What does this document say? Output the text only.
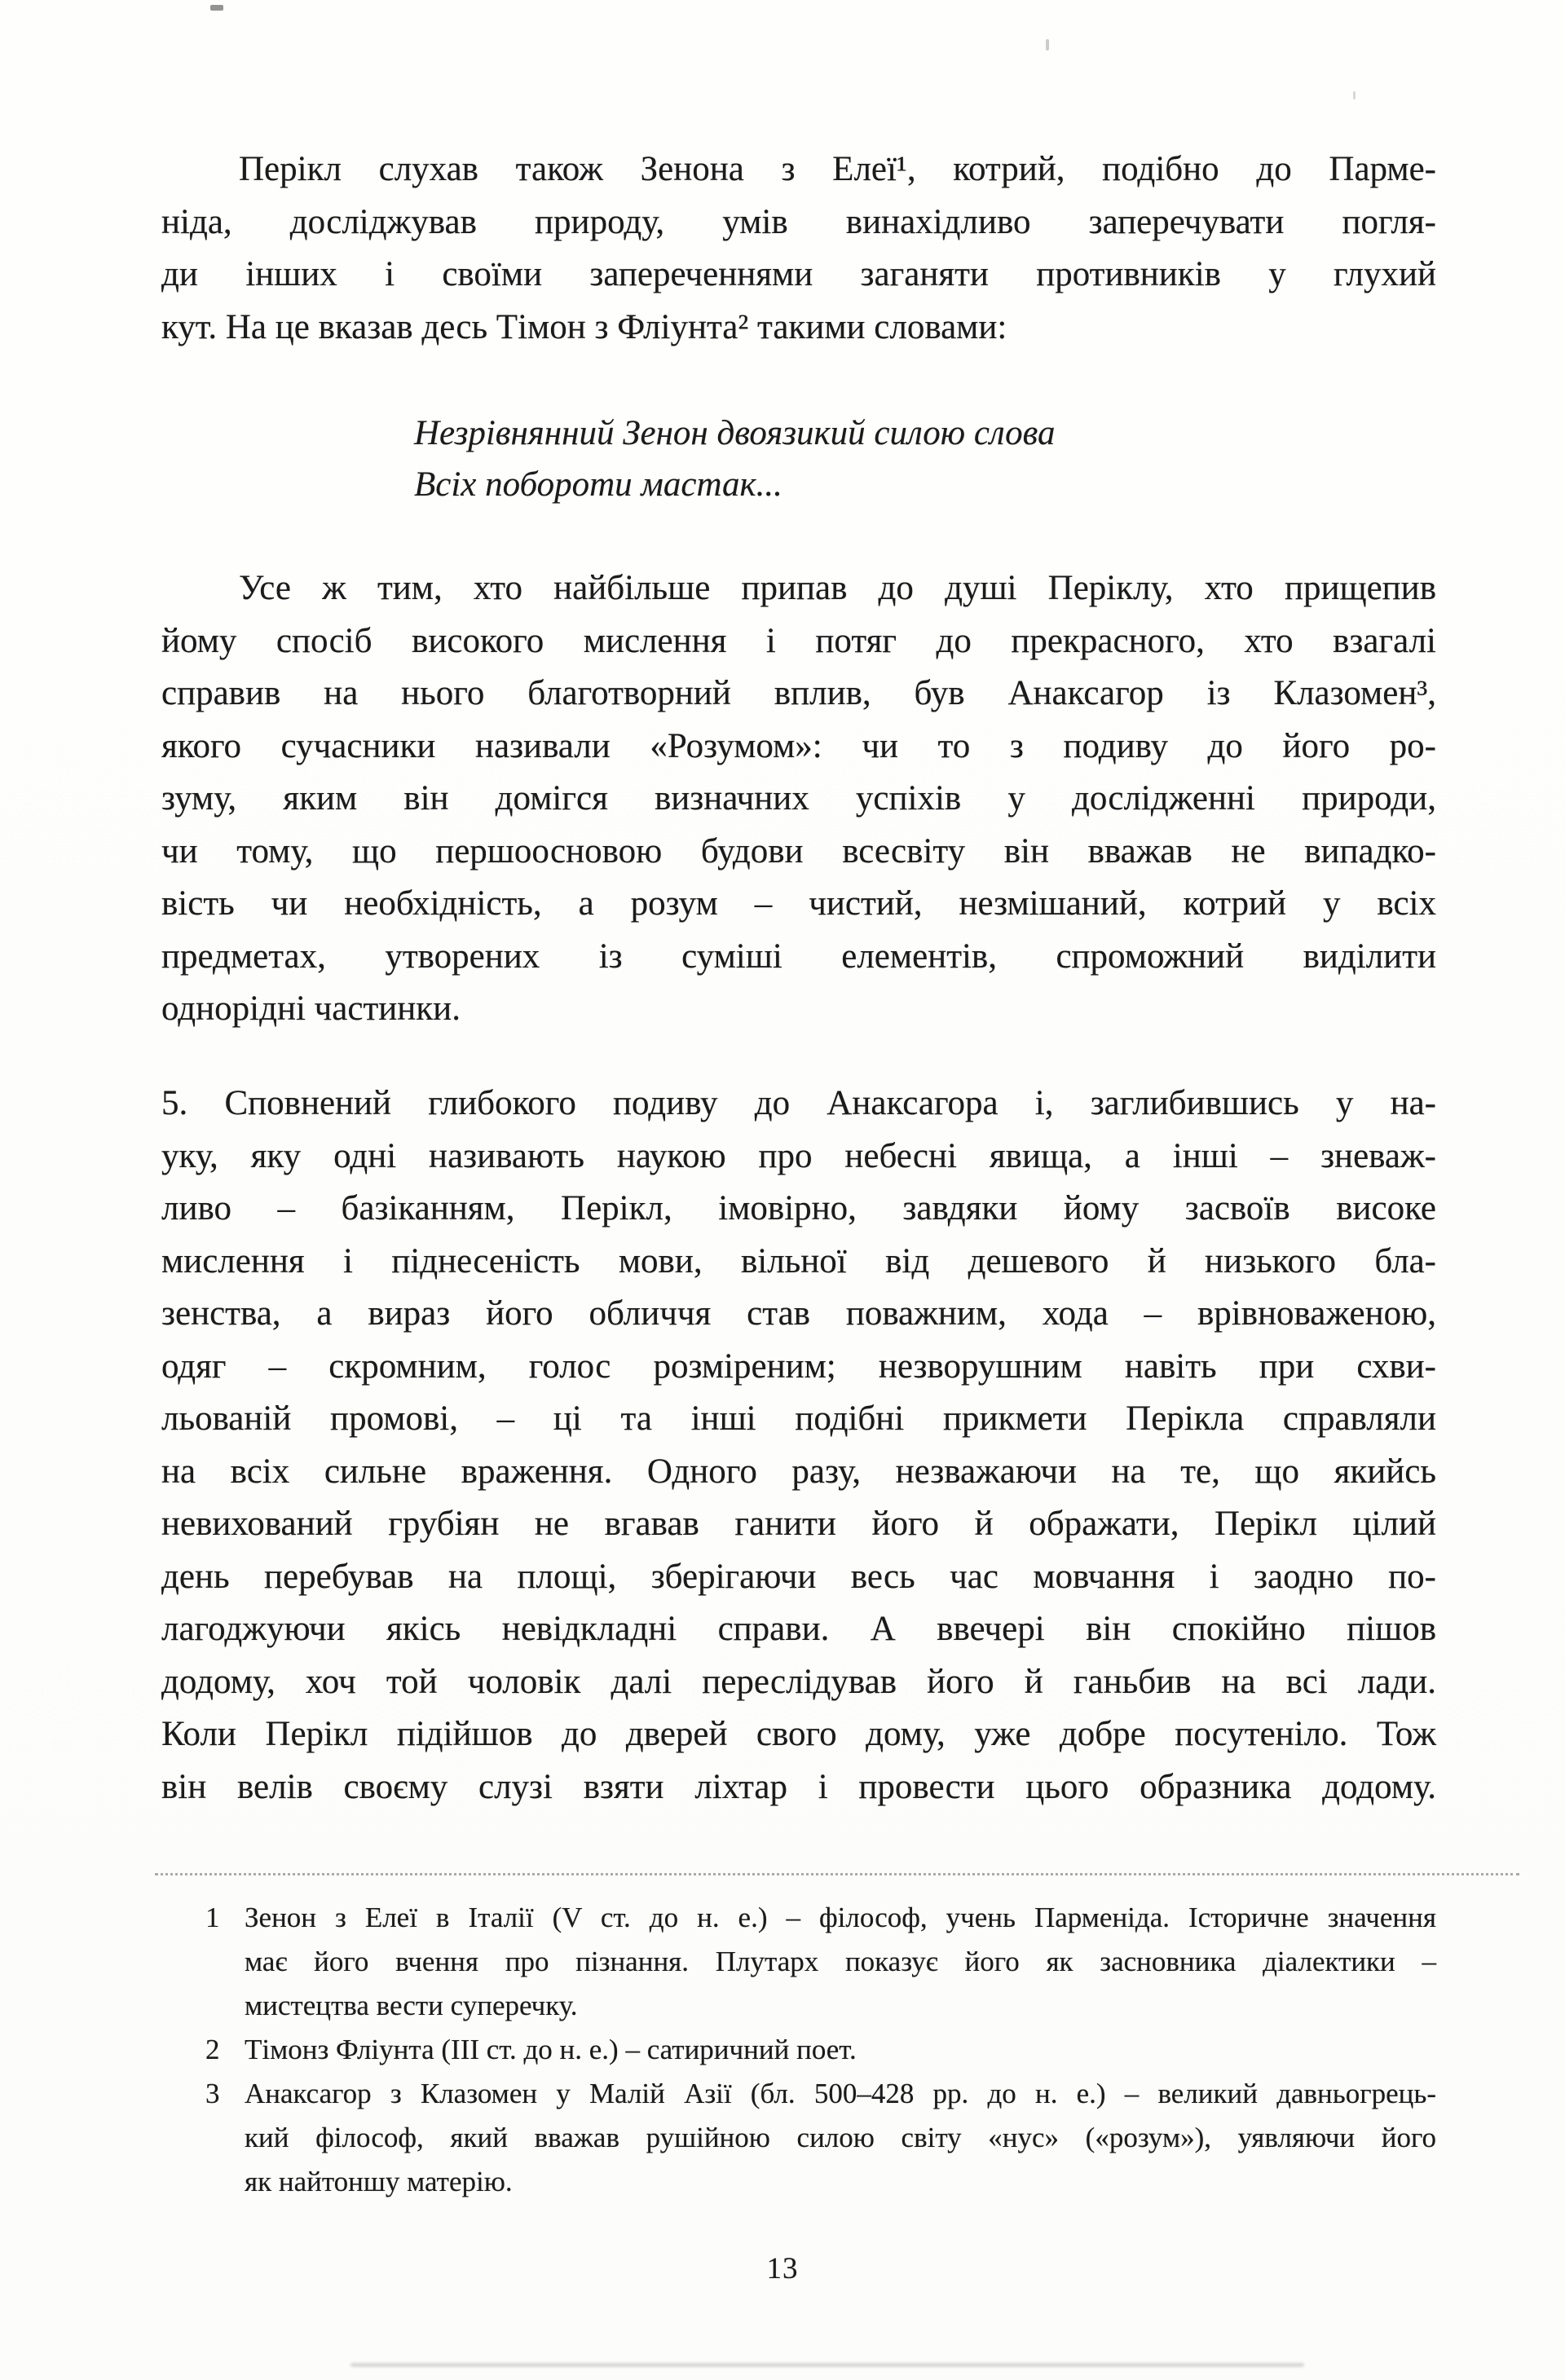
Перікл слухав також Зенона з Елеї¹, котрий, подібно до Парме-
ніда, досліджував природу, умів винахідливо заперечувати погля-
ди інших і своїми запереченнями заганяти противників у глухий
кут. На це вказав десь Тімон з Фліунта² такими словами:
Незрівнянний Зенон двоязикий силою слова
Всіх побороти мастак...
Усе ж тим, хто найбільше припав до душі Періклу, хто прищепив
йому спосіб високого мислення і потяг до прекрасного, хто взагалі
справив на нього благотворний вплив, був Анаксагор із Клазомен³,
якого сучасники називали «Розумом»: чи то з подиву до його ро-
зуму, яким він домігся визначних успіхів у дослідженні природи,
чи тому, що першоосновою будови всесвіту він вважав не випадко-
вість чи необхідність, а розум – чистий, незмішаний, котрий у всіх
предметах, утворених із суміші елементів, спроможний виділити
однорідні частинки.
5. Сповнений глибокого подиву до Анаксагора і, заглибившись у на-
уку, яку одні називають наукою про небесні явища, а інші – зневаж-
ливо – базіканням, Перікл, імовірно, завдяки йому засвоїв високе
мислення і піднесеність мови, вільної від дешевого й низького бла-
зенства, а вираз його обличчя став поважним, хода – врівноваженою,
одяг – скромним, голос розміреним; незворушним навіть при схви-
льованій промові, – ці та інші подібні прикмети Перікла справляли
на всіх сильне враження. Одного разу, незважаючи на те, що якийсь
невихований грубіян не вгавав ганити його й ображати, Перікл цілий
день перебував на площі, зберігаючи весь час мовчання і заодно по-
лагоджуючи якісь невідкладні справи. А ввечері він спокійно пішов
додому, хоч той чоловік далі переслідував його й ганьбив на всі лади.
Коли Перікл підійшов до дверей свого дому, уже добре посутеніло. Тож
він велів своєму слузі взяти ліхтар і провести цього образника додому.
1 Зенон з Елеї в Італії (V ст. до н. е.) – філософ, учень Парменіда. Історичне значення
має його вчення про пізнання. Плутарх показує його як засновника діалектики –
мистецтва вести суперечку.
2 Тімонз Фліунта (ІІІ ст. до н. е.) – сатиричний поет.
3 Анаксагор з Клазомен у Малій Азії (бл. 500–428 рр. до н. е.) – великий давньогрець-
кий філософ, який вважав рушійною силою світу «нус» («розум»), уявляючи його
як найтоншу матерію.
13
